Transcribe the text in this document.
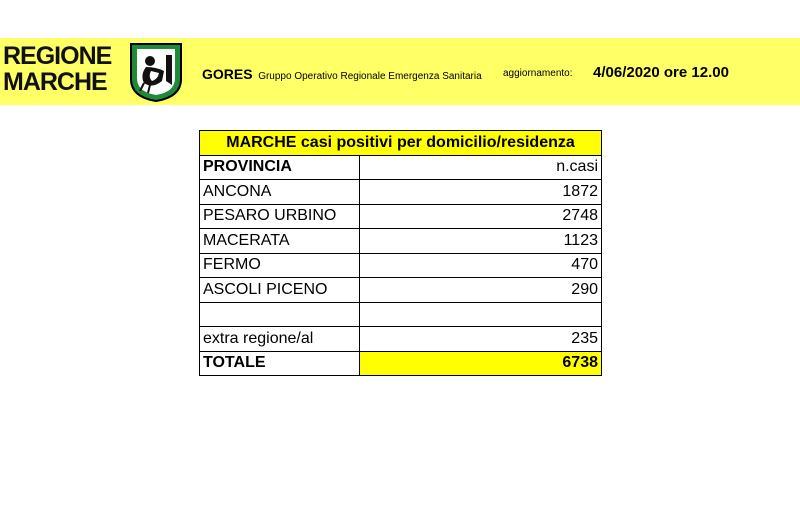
REGIONE
MARCHE	GORES Gruppo Operativo Regionale Emergenza Sanitaria aggiornamento: 4/06/2020 ore 12.00
MARCHE casi positivi per domicilio/residenza	
PROVINCIA	n.casi
ANCONA	1872
PESARO URBINO	2748
MACERATA	1123
FERMO	470
ASCOLI PICENO	290

extra regione/al	235
TOTALE	6738
